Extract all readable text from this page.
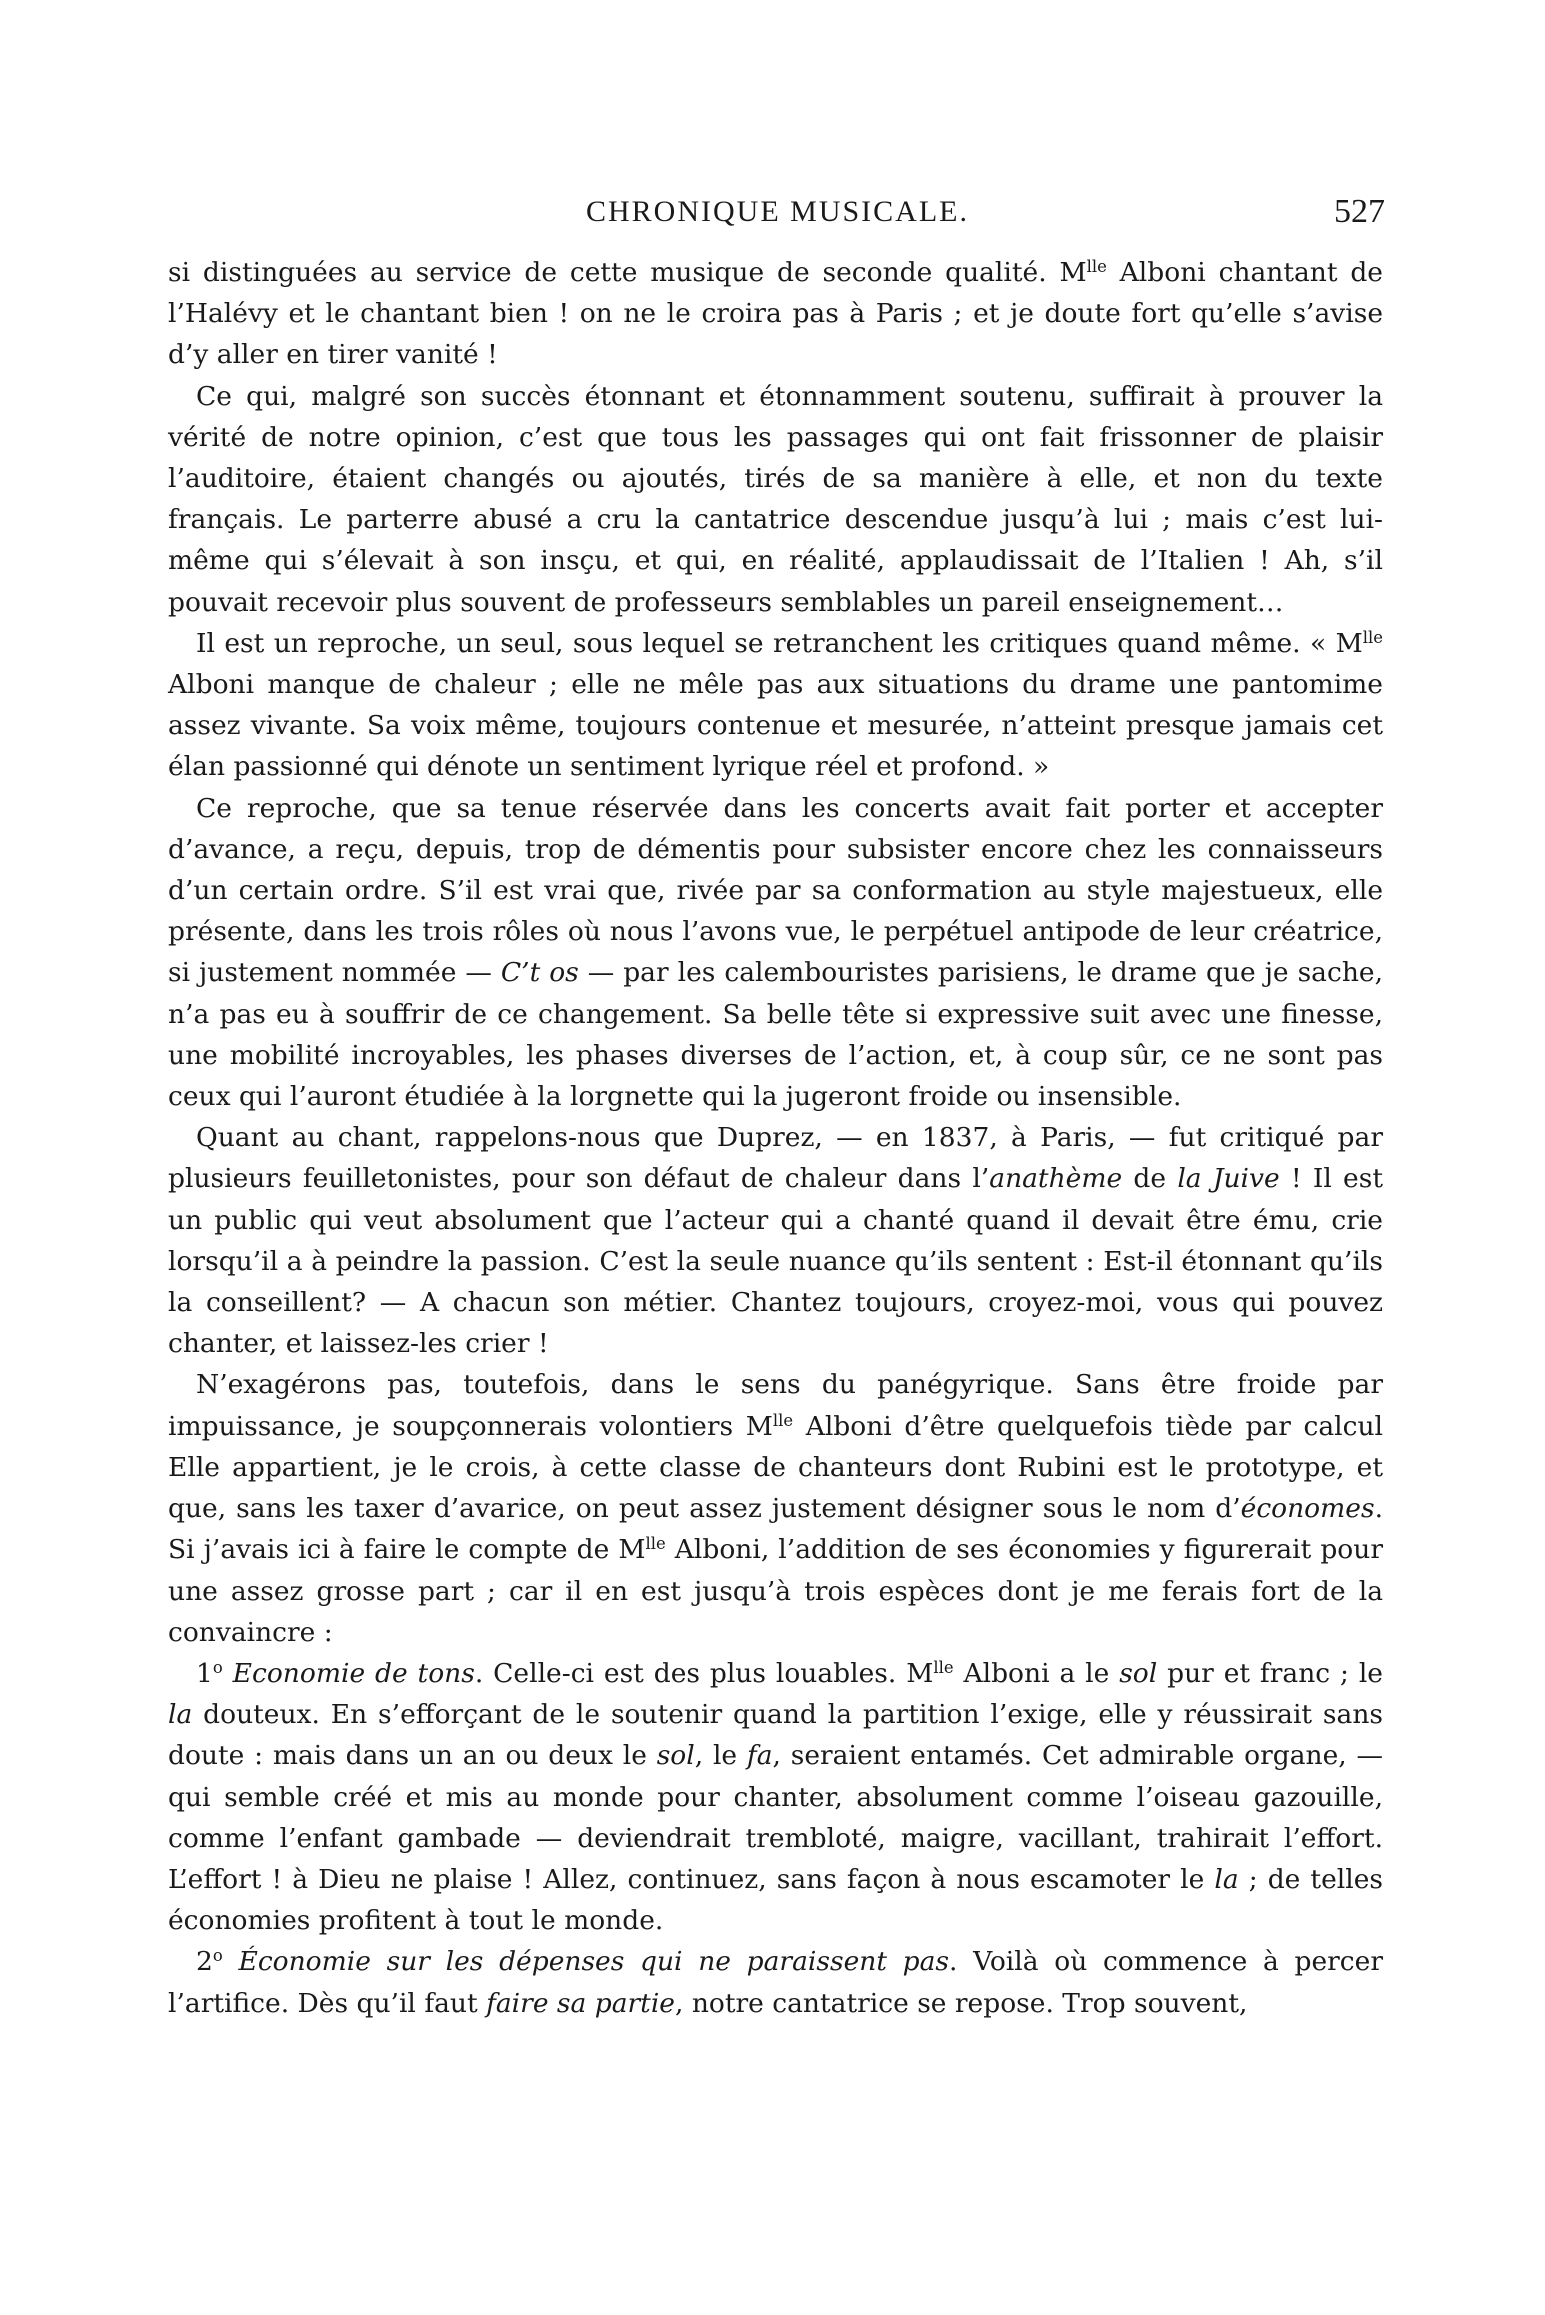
CHRONIQUE MUSICALE.	527

si distinguées au service de cette musique de seconde qualité. $M^{lle}$ Alboni chantant de l’Halévy et le chantant bien ! on ne le croira pas à Paris ; et je doute fort qu’elle s’avise d’y aller en tirer vanité !

Ce qui, malgré son succès étonnant et étonnamment soutenu, suffirait à prouver la vérité de notre opinion, c’est que tous les passages qui ont fait frissonner de plaisir l’auditoire, étaient changés ou ajoutés, tirés de sa manière à elle, et non du texte français. Le parterre abusé a cru la cantatrice descendue jusqu’à lui ; mais c’est lui-même qui s’élevait à son insçu, et qui, en réalité, applaudissait de l’Italien ! Ah, s’il pouvait recevoir plus souvent de professeurs semblables un pareil enseignement…

Il est un reproche, un seul, sous lequel se retranchent les critiques quand même. « $M^{lle}$ Alboni manque de chaleur ; elle ne mêle pas aux situations du drame une pantomime assez vivante. Sa voix même, toujours contenue et mesurée, n’atteint presque jamais cet élan passionné qui dénote un sentiment lyrique réel et profond. »

Ce reproche, que sa tenue réservée dans les concerts avait fait porter et accepter d’avance, a reçu, depuis, trop de démentis pour subsister encore chez les connaisseurs d’un certain ordre. S’il est vrai que, rivée par sa conformation au style majestueux, elle présente, dans les trois rôles où nous l’avons vue, le perpétuel antipode de leur créatrice, si justement nommée — C’t os — par les calembouristes parisiens, le drame que je sache, n’a pas eu à souffrir de ce changement. Sa belle tête si expressive suit avec une finesse, une mobilité incroyables, les phases diverses de l’action, et, à coup sûr, ce ne sont pas ceux qui l’auront étudiée à la lorgnette qui la jugeront froide ou insensible.

Quant au chant, rappelons-nous que Duprez, — en 1837, à Paris, — fut critiqué par plusieurs feuilletonistes, pour son défaut de chaleur dans l’anathème de la Juive ! Il est un public qui veut absolument que l’acteur qui a chanté quand il devait être ému, crie lorsqu’il a à peindre la passion. C’est la seule nuance qu’ils sentent : Est-il étonnant qu’ils la conseillent? — A chacun son métier. Chantez toujours, croyez-moi, vous qui pouvez chanter, et laissez-les crier !

N’exagérons pas, toutefois, dans le sens du panégyrique. Sans être froide par impuissance, je soupçonnerais volontiers $M^{lle}$ Alboni d’être quelquefois tiède par calcul Elle appartient, je le crois, à cette classe de chanteurs dont Rubini est le prototype, et que, sans les taxer d’avarice, on peut assez justement désigner sous le nom d’économes. Si j’avais ici à faire le compte de $M^{lle}$ Alboni, l’addition de ses économies y figurerait pour une assez grosse part ; car il en est jusqu’à trois espèces dont je me ferais fort de la convaincre :

1$^o$ Economie de tons. Celle-ci est des plus louables. $M^{lle}$ Alboni a le sol pur et franc ; le la douteux. En s’efforçant de le soutenir quand la partition l’exige, elle y réussirait sans doute : mais dans un an ou deux le sol, le fa, seraient entamés. Cet admirable organe, — qui semble créé et mis au monde pour chanter, absolument comme l’oiseau gazouille, comme l’enfant gambade — deviendrait trembloté, maigre, vacillant, trahirait l’effort. L’effort ! à Dieu ne plaise ! Allez, continuez, sans façon à nous escamoter le la ; de telles économies profitent à tout le monde.

2$^o$ Économie sur les dépenses qui ne paraissent pas. Voilà où commence à percer l’artifice. Dès qu’il faut faire sa partie, notre cantatrice se repose. Trop souvent,
